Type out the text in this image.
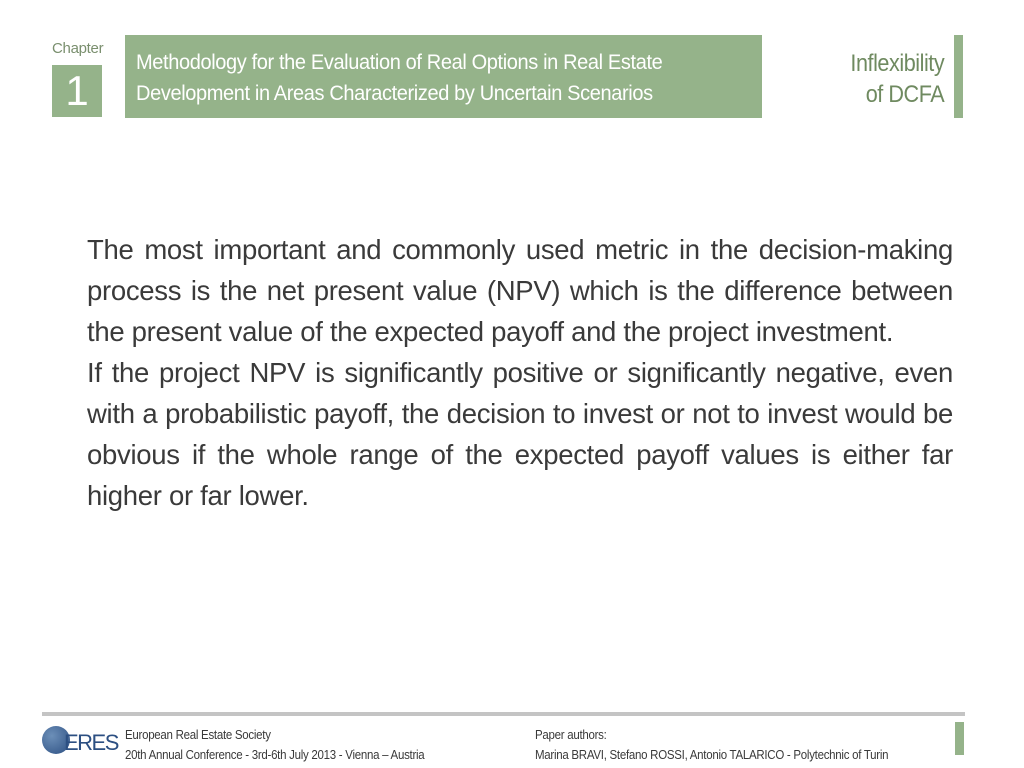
Chapter
1
Methodology for the Evaluation of Real Options in Real Estate
Development in Areas Characterized by Uncertain Scenarios
Inflexibility
of DCFA

The most important and commonly used metric in the decision-making process is the net present value (NPV) which is the difference between the present value of the expected payoff and the project investment.

If the project NPV is significantly positive or significantly negative, even with a probabilistic payoff, the decision to invest or not to invest would be obvious if the whole range of the expected payoff values is either far higher or far lower.

ERES European Real Estate Society
20th Annual Conference - 3rd-6th July 2013 - Vienna – Austria
Paper authors:
Marina BRAVI, Stefano ROSSI, Antonio TALARICO - Polytechnic of Turin
